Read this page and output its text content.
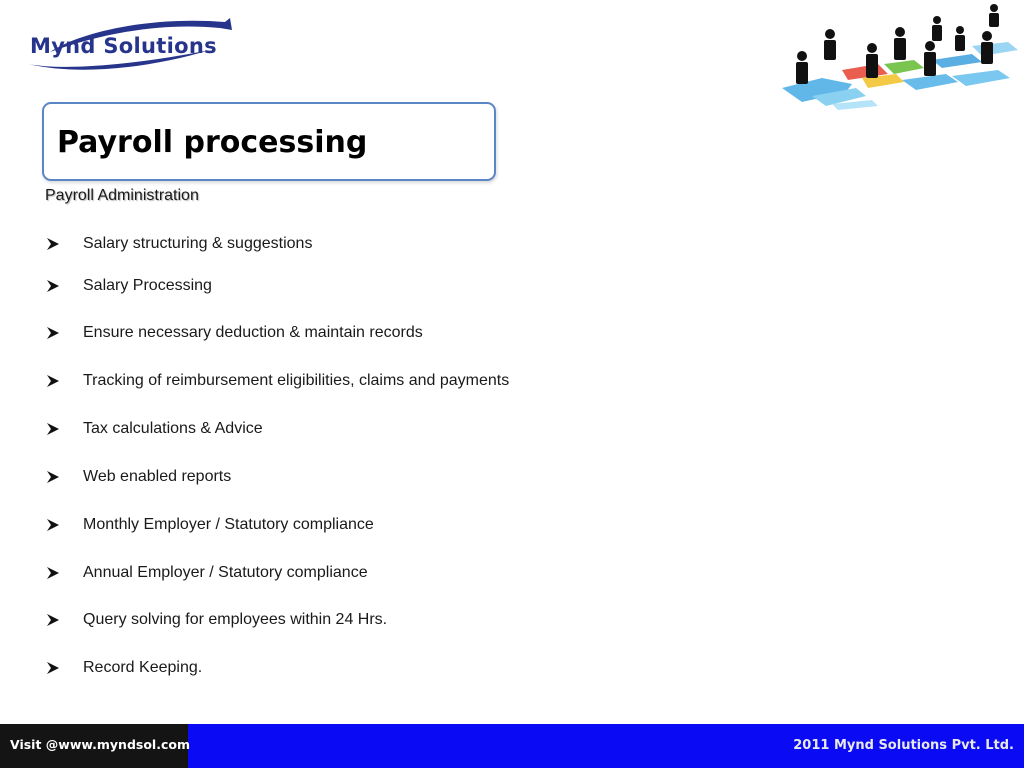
Mynd Solutions
Payroll processing
Payroll Administration
Salary structuring & suggestions
Salary Processing
Ensure necessary deduction & maintain records
Tracking of reimbursement eligibilities, claims and payments
Tax calculations & Advice
Web enabled reports
Monthly Employer / Statutory compliance
Annual Employer / Statutory compliance
Query solving for employees within 24 Hrs.
Record Keeping.
Visit @www.myndsol.com	2011 Mynd Solutions Pvt. Ltd.
